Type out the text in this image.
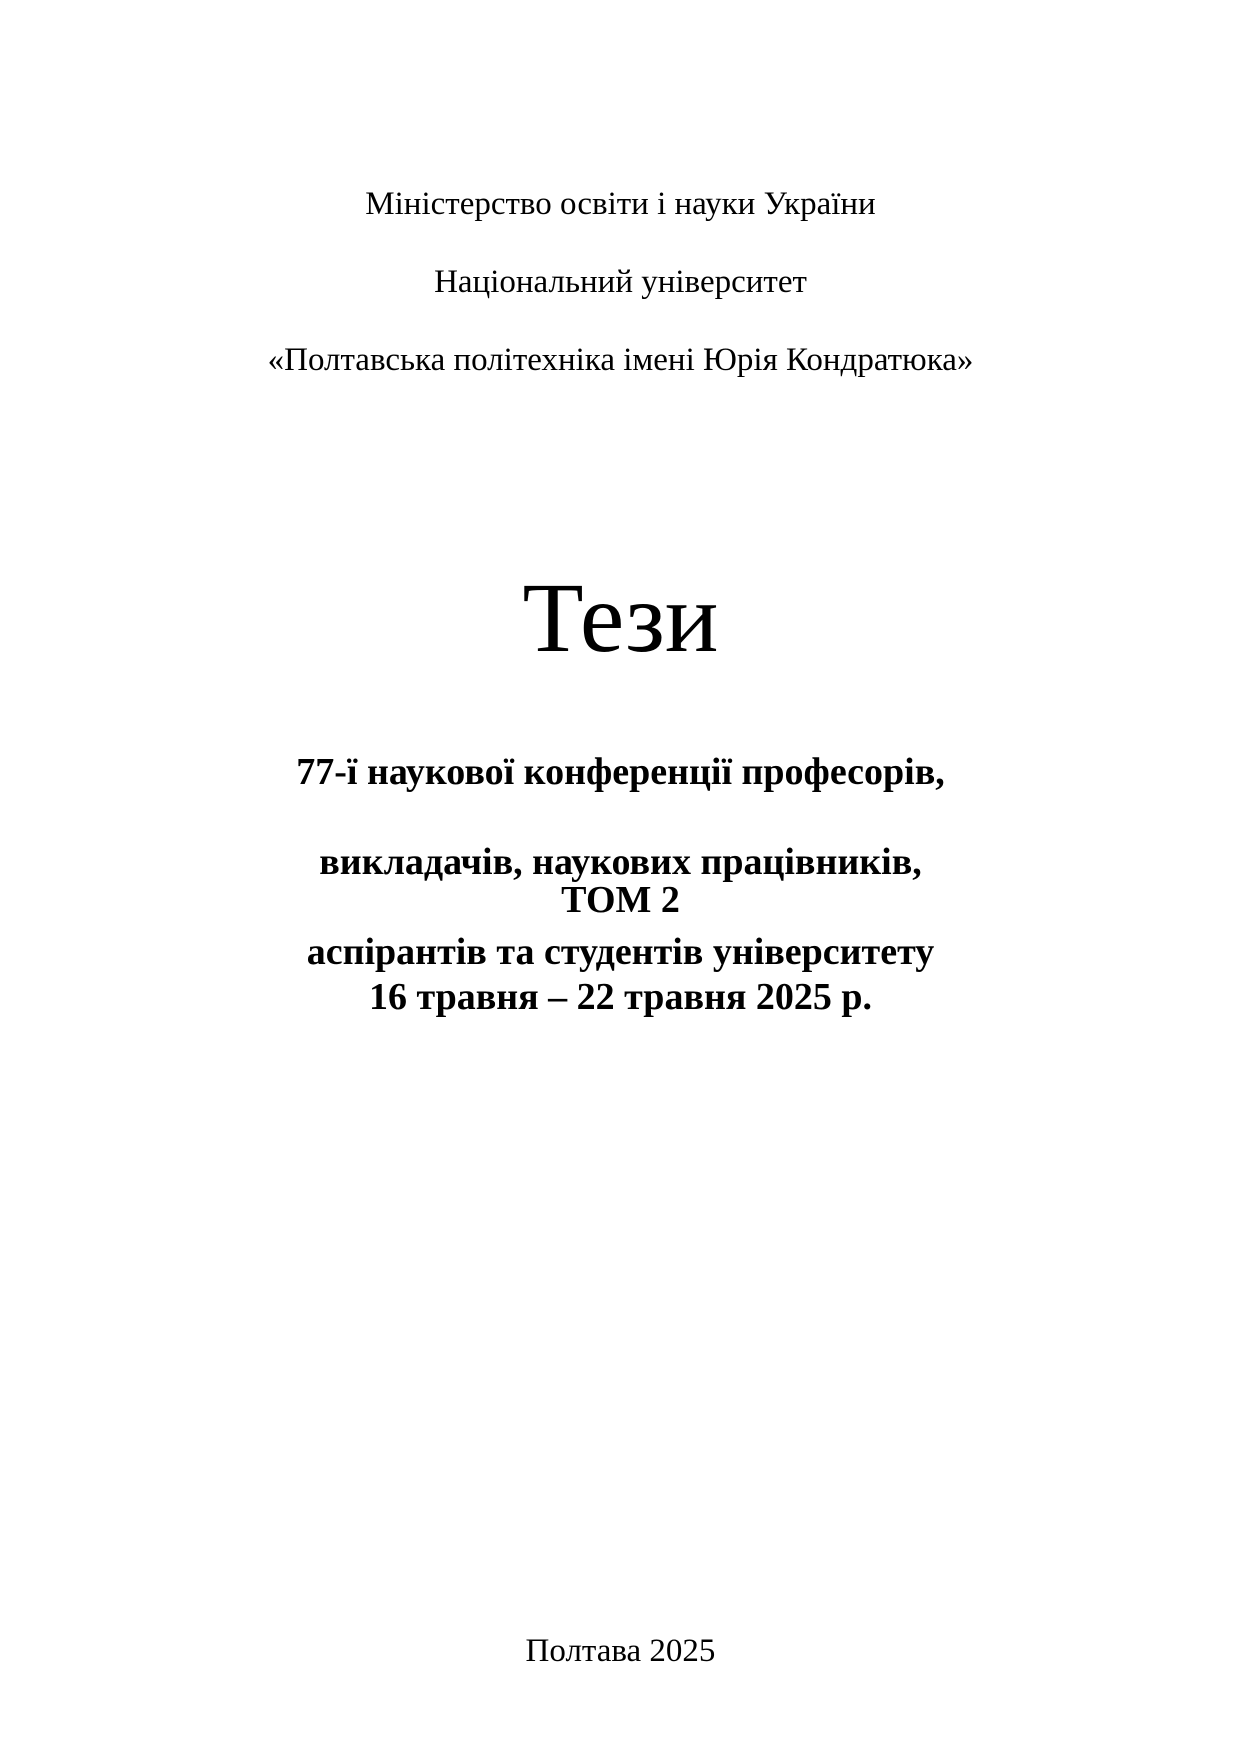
Міністерство освіти і науки України

Національний університет

«Полтавська політехніка імені Юрія Кондратюка»

Тези

77-ї наукової конференції професорів,

викладачів, наукових працівників,

аспірантів та студентів університету

ТОМ 2
16 травня – 22 травня 2025 р.
Полтава 2025
